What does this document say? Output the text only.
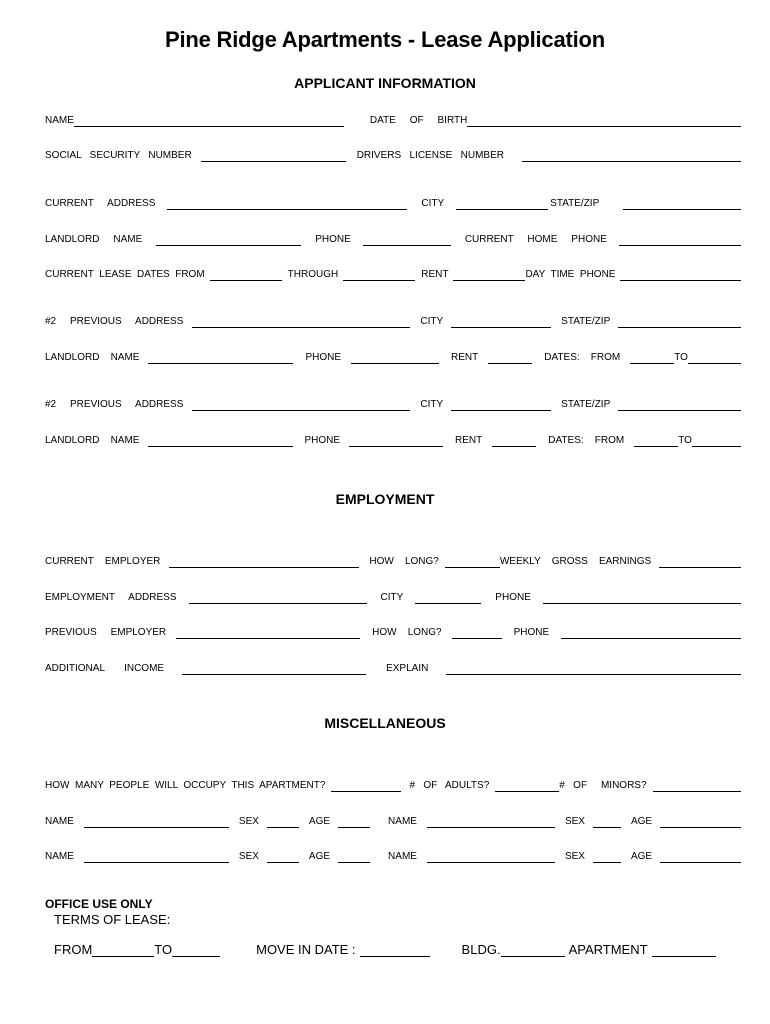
Pine Ridge Apartments - Lease Application
APPLICANT INFORMATION
NAME	DATE     OF     BIRTH
SOCIAL   SECURITY   NUMBER	DRIVERS   LICENSE   NUMBER
CURRENT     ADDRESS	CITY	STATE/ZIP
LANDLORD     NAME	PHONE	CURRENT     HOME     PHONE
CURRENT  LEASE  DATES  FROM	THROUGH	RENT	DAY  TIME  PHONE
#2     PREVIOUS     ADDRESS	CITY	STATE/ZIP
LANDLORD    NAME	PHONE	RENT	DATES:    FROM	TO
#2     PREVIOUS     ADDRESS	CITY	STATE/ZIP
LANDLORD    NAME	PHONE	RENT	DATES:    FROM	TO
EMPLOYMENT
CURRENT    EMPLOYER	HOW    LONG?	WEEKLY    GROSS    EARNINGS
EMPLOYMENT     ADDRESS	CITY	PHONE
PREVIOUS     EMPLOYER	HOW    LONG?	PHONE
ADDITIONAL       INCOME	EXPLAIN
MISCELLANEOUS
HOW  MANY  PEOPLE  WILL  OCCUPY  THIS  APARTMENT?	#   OF   ADULTS?	#   OF     MINORS?
NAME	SEX	AGE	NAME	SEX	AGE
NAME	SEX	AGE	NAME	SEX	AGE
OFFICE USE ONLY
TERMS OF LEASE:
FROM	TO	MOVE IN DATE :	BLDG.	APARTMENT
